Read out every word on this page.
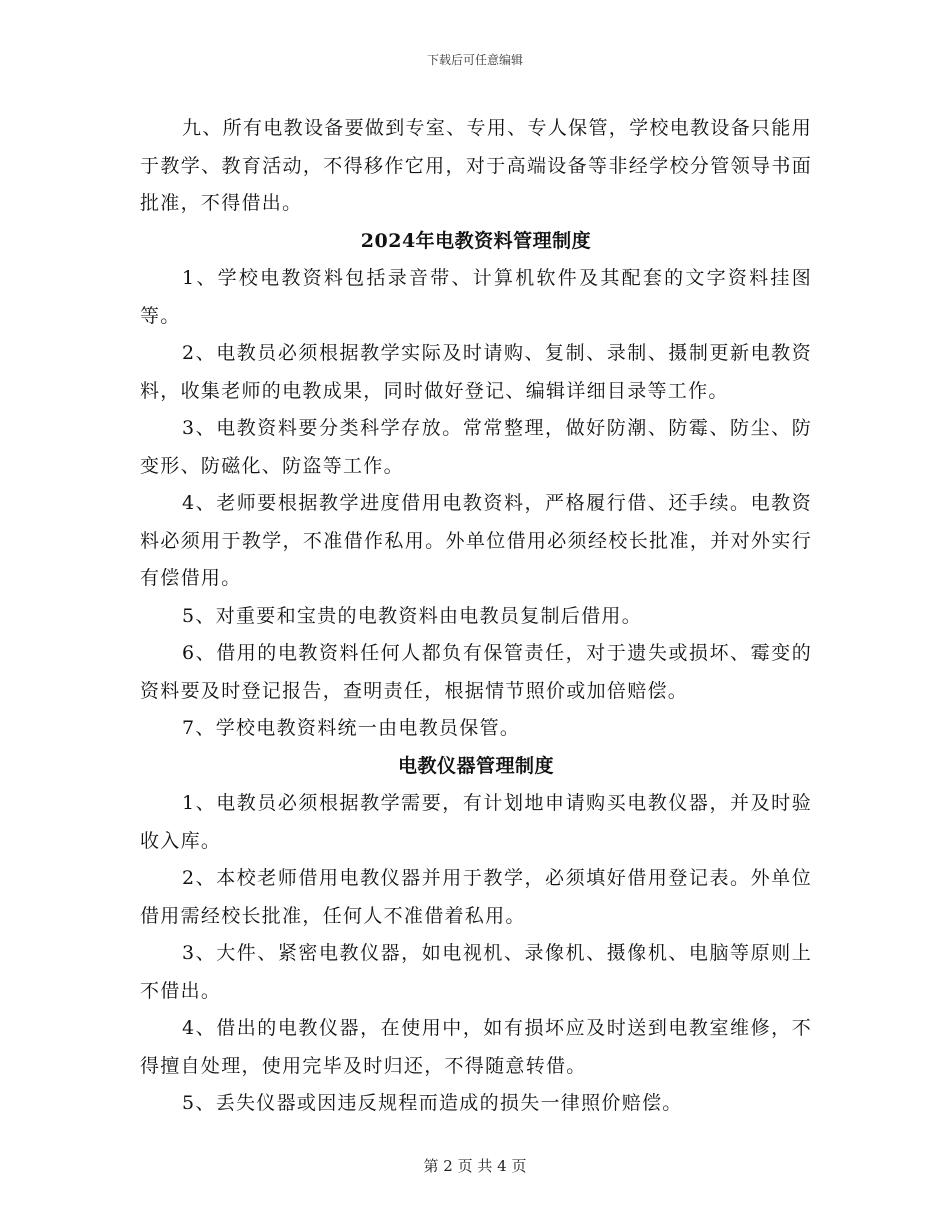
下载后可任意编辑

九、所有电教设备要做到专室、专用、专人保管，学校电教设备只能用于教学、教育活动，不得移作它用，对于高端设备等非经学校分管领导书面批准，不得借出。

2024年电教资料管理制度

1、学校电教资料包括录音带、计算机软件及其配套的文字资料挂图等。

2、电教员必须根据教学实际及时请购、复制、录制、摄制更新电教资料，收集老师的电教成果，同时做好登记、编辑详细目录等工作。

3、电教资料要分类科学存放。常常整理，做好防潮、防霉、防尘、防变形、防磁化、防盗等工作。

4、老师要根据教学进度借用电教资料，严格履行借、还手续。电教资料必须用于教学，不准借作私用。外单位借用必须经校长批准，并对外实行有偿借用。

5、对重要和宝贵的电教资料由电教员复制后借用。

6、借用的电教资料任何人都负有保管责任，对于遗失或损坏、霉变的资料要及时登记报告，查明责任，根据情节照价或加倍赔偿。

7、学校电教资料统一由电教员保管。

电教仪器管理制度

1、电教员必须根据教学需要，有计划地申请购买电教仪器，并及时验收入库。

2、本校老师借用电教仪器并用于教学，必须填好借用登记表。外单位借用需经校长批准，任何人不准借着私用。

3、大件、紧密电教仪器，如电视机、录像机、摄像机、电脑等原则上不借出。

4、借出的电教仪器，在使用中，如有损坏应及时送到电教室维修，不得擅自处理，使用完毕及时归还，不得随意转借。

5、丢失仪器或因违反规程而造成的损失一律照价赔偿。

第 2 页 共 4 页
